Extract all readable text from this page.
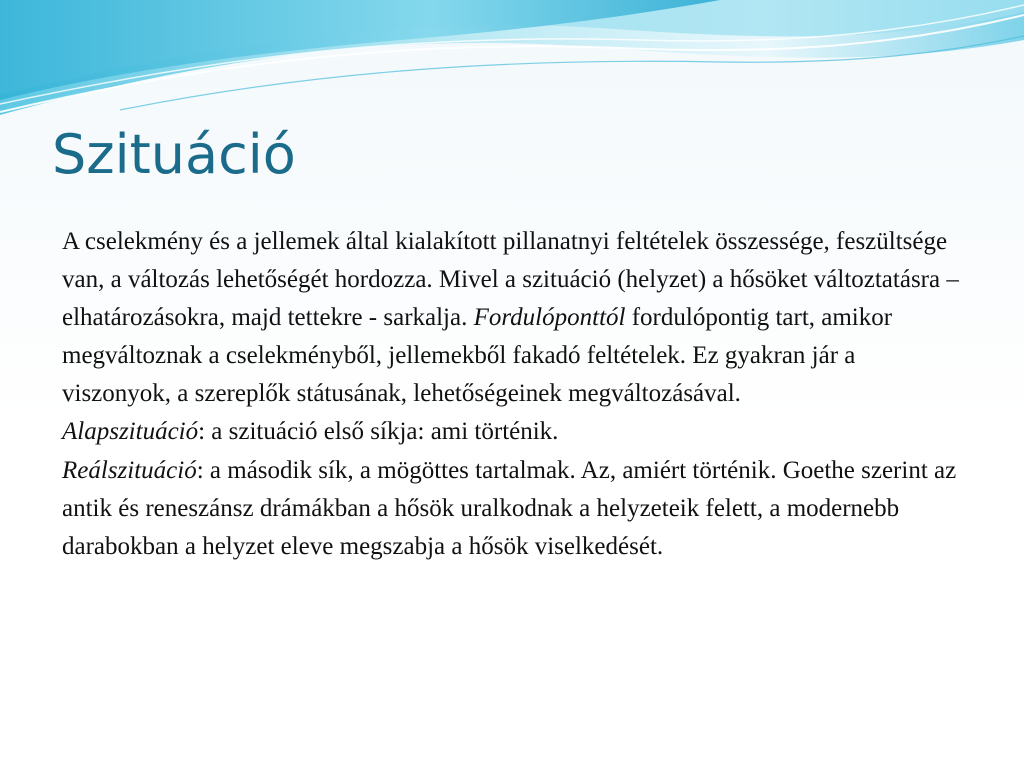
Szituáció

A cselekmény és a jellemek által kialakított pillanatnyi feltételek összessége, feszültsége van, a változás lehetőségét hordozza. Mivel a szituáció (helyzet) a hősöket változtatásra – elhatározásokra, majd tettekre - sarkalja. Fordulóponttól fordulópontig tart, amikor megváltoznak a cselekményből, jellemekből fakadó feltételek. Ez gyakran jár a viszonyok, a szereplők státusának, lehetőségeinek megváltozásával.

Alapszituáció: a szituáció első síkja: ami történik.

Reálszituáció: a második sík, a mögöttes tartalmak. Az, amiért történik. Goethe szerint az antik és reneszánsz drámákban a hősök uralkodnak a helyzeteik felett, a modernebb darabokban a helyzet eleve megszabja a hősök viselkedését.
